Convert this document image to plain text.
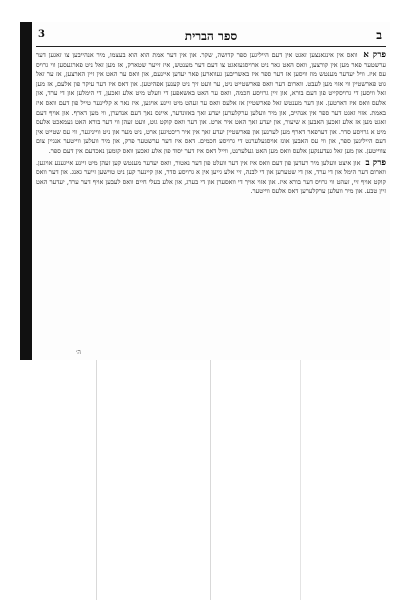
3	ספר הברית	ב

פרק א וואס אין אינגאנצען זאגט אין דעם הייליגען ספר קדושה, שקר. און אין דער אמת הוא הוא בעצמו, מיר אנהייבען צו זאגען דער ערשטער פאר מען אין קורצען, וואס האט גאר ניט ארויסגעזאגט צו דעם דער מענטש, איז זייער שטארק, אז מען זאל ניט פארגעסען ווי גרויס עס איז. וויל יעדער מענטש מוז וויסען אז דער ספר איז באשריבען געווארען פאר יעדען איינעם, און וואס ער האט אין זיין הארצען, אז ער זאל גוט פארשטיין ווי אזוי מען לעבט. ווארום דער וואס פארשטייט ניט, ער וועט זיך ניט קענען אפהיטען. און דאס איז דער עיקר פון אלעם, אז מען זאל וויסען די גרויסקייט פון דעם בורא, און זיין גרויסע חכמה, וואס ער האט באשאפען די וועלט מיט אלע זאכען, די הימלען און די ערד, און אלעס וואס איז דארטען. און דער מענטש זאל פארשטיין אז אלעס וואס ער זעהט מיט זיינע אויגען, איז נאר א קליינער טייל פון דעם וואס איז באמת. אזוי זאגט דער ספר אין אנהייב, און מיר וועלען ערקלערען יעדע זאך באזונדער, איינס נאך דעם אנדערן, ווי מען דארף. און אויף דעם זאגט מען אז אלע זאכען האבען א שיעור, און יעדע זאך האט איר ארט. און דער וואס קוקט גוט, וועט זעהן ווי דער בורא האט געמאכט אלעס מיט א גרויסע סדר. און דערפאר דארף מען לערנען און פארשטיין יעדע זאך אין איר ריכטיגען ארט, ניט מער און ניט ווייניגער, ווי עס שטייט אין דעם הייליגען ספר, און ווי עס האבען אונז אויסגעלערנט די גרויסע חכמים. דאס איז דער ערשטער פרק, און מיר וועלען ווייטער אנגיין צום צווייטען. און מען זאל געדענקען אלעס וואס מען האט געלערנט, ווייל דאס איז דער יסוד פון אלע זאכען וואס קומען נאכדעם אין דעם ספר.

פרק ב און איצט וועלען מיר רעדען פון דעם וואס איז אין דער וועלט פון דער נאטור, וואס יעדער מענטש קען זעהן מיט זיינע אייגענע אויגען. ווארום דער הימל און די ערד, און די שטערען און די לבנה, זיי אלע גייען אין א גרויסע סדר, און קיינער קען ניט טוישען זייער גאנג. און דער וואס קוקט אויף זיי, זעהט ווי גרויס דער בורא איז. און אזוי אויך די וואסערן און די בערג, און אלע בעלי חיים וואס לעבען אויף דער ערד, יעדער האט זיין טבע. און מיר וועלען ערקלערען דאס אלעס ווייטער.

ה׳
